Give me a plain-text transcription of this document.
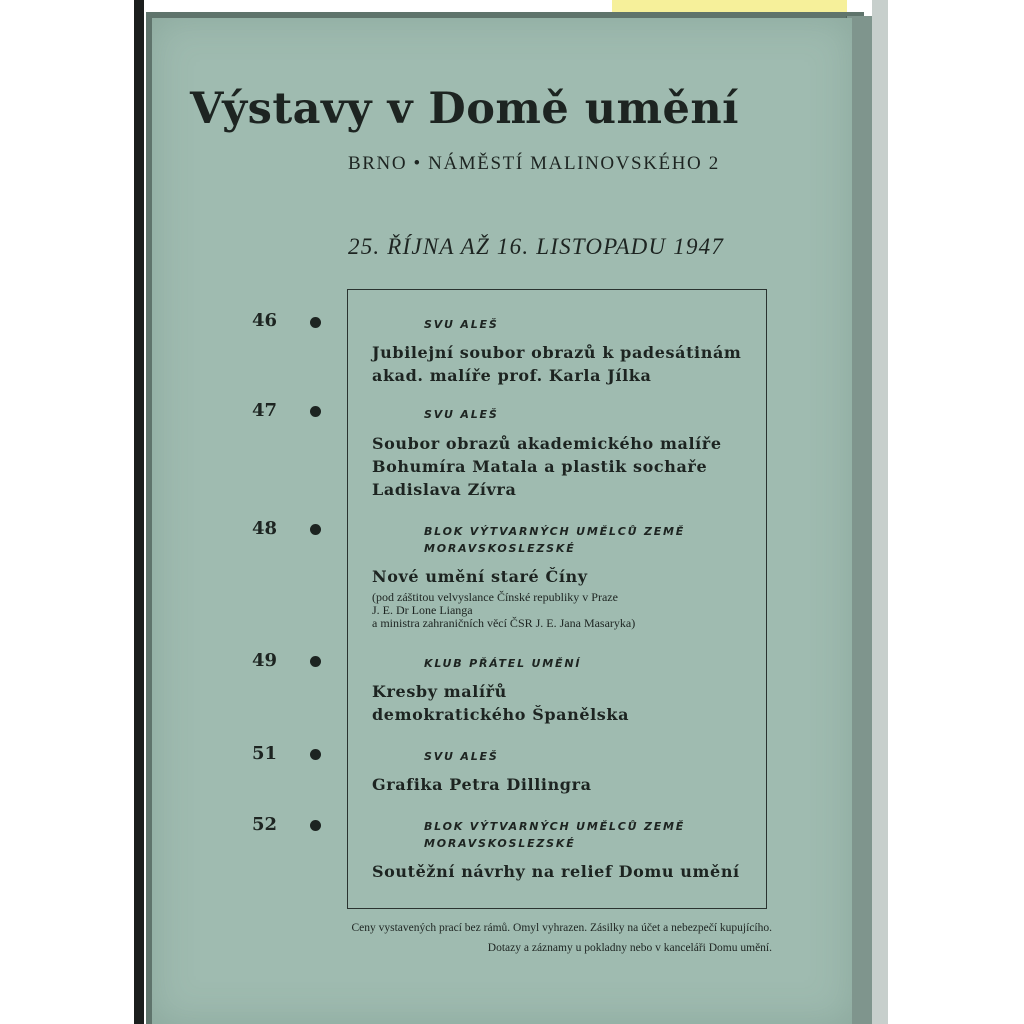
Výstavy v Domě umění
BRNO • NÁMĚSTÍ MALINOVSKÉHO 2
25. ŘÍJNA AŽ 16. LISTOPADU 1947
46	SVU ALEŠ
Jubilejní soubor obrazů k padesátinám
akad. malíře prof. Karla Jílka
47	SVU ALEŠ
Soubor obrazů akademického malíře
Bohumíra Matala a plastik sochaře
Ladislava Zívra
48	BLOK VÝTVARNÝCH UMĚLCŮ ZEMĚ
MORAVSKOSLEZSKÉ
Nové umění staré Číny
(pod záštitou velvyslance Čínské republiky v Praze
J. E. Dr Lone Lianga
a ministra zahraničních věcí ČSR J. E. Jana Masaryka)
49	KLUB PŘÁTEL UMĚNÍ
Kresby malířů
demokratického Španělska
51	SVU ALEŠ
Grafika Petra Dillingra
52	BLOK VÝTVARNÝCH UMĚLCŮ ZEMĚ
MORAVSKOSLEZSKÉ
Soutěžní návrhy na relief Domu umění
Ceny vystavených prací bez rámů. Omyl vyhrazen. Zásilky na účet a nebezpečí kupujícího.
Dotazy a záznamy u pokladny nebo v kanceláři Domu umění.
